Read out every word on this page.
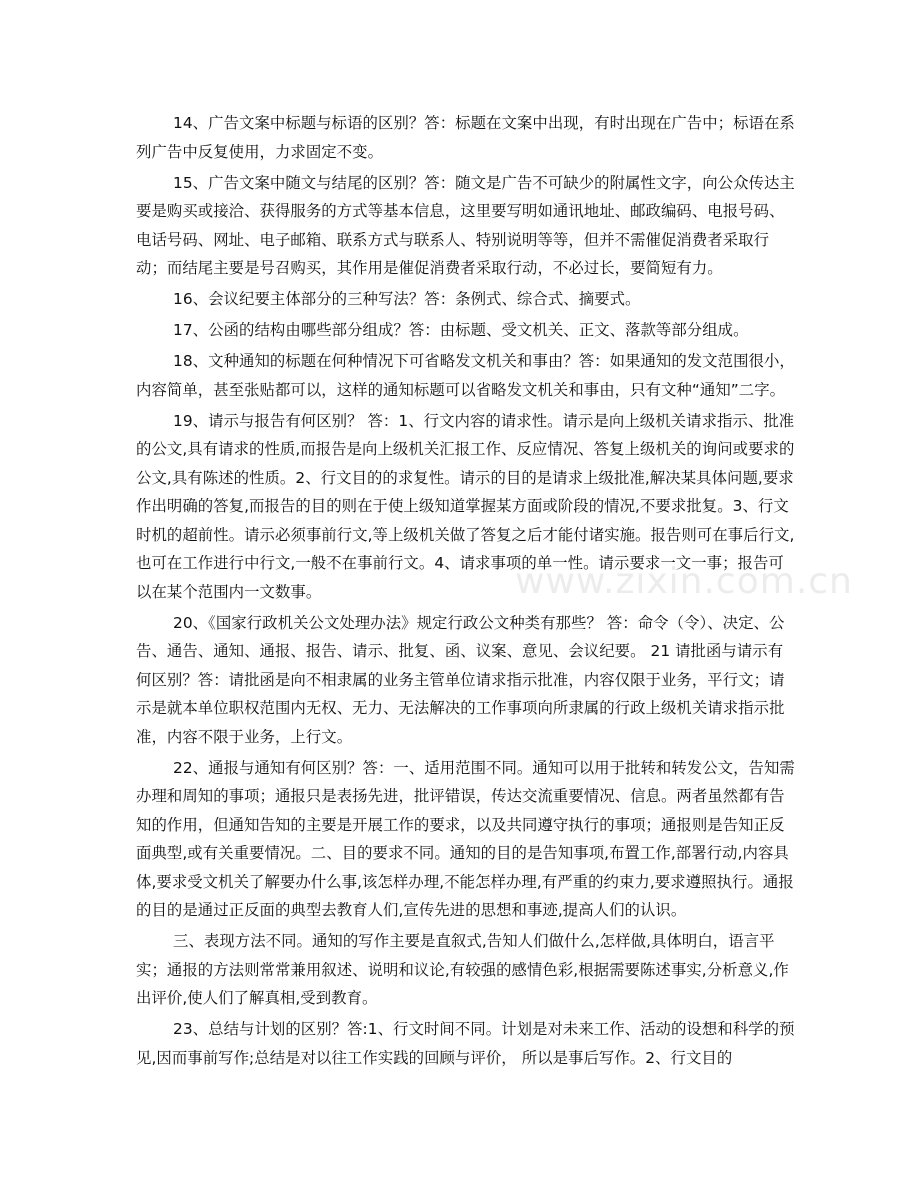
14、广告文案中标题与标语的区别？答：标题在文案中出现，有时出现在广告中；标语在系列广告中反复使用，力求固定不变。

15、广告文案中随文与结尾的区别？答：随文是广告不可缺少的附属性文字，向公众传达主要是购买或接洽、获得服务的方式等基本信息，这里要写明如通讯地址、邮政编码、电报号码、电话号码、网址、电子邮箱、联系方式与联系人、特别说明等等，但并不需催促消费者采取行动；而结尾主要是号召购买，其作用是催促消费者采取行动，不必过长，要简短有力。

16、会议纪要主体部分的三种写法？答：条例式、综合式、摘要式。

17、公函的结构由哪些部分组成？答：由标题、受文机关、正文、落款等部分组成。

18、文种通知的标题在何种情况下可省略发文机关和事由？答：如果通知的发文范围很小，内容简单，甚至张贴都可以，这样的通知标题可以省略发文机关和事由，只有文种“通知”二字。

19、请示与报告有何区别？ 答：1、行文内容的请求性。请示是向上级机关请求指示、批准的公文,具有请求的性质,而报告是向上级机关汇报工作、反应情况、答复上级机关的询问或要求的公文,具有陈述的性质。2、行文目的的求复性。请示的目的是请求上级批准,解决某具体问题,要求作出明确的答复,而报告的目的则在于使上级知道掌握某方面或阶段的情况,不要求批复。3、行文时机的超前性。请示必须事前行文,等上级机关做了答复之后才能付诸实施。报告则可在事后行文,也可在工作进行中行文,一般不在事前行文。4、请求事项的单一性。请示要求一文一事；报告可以在某个范围内一文数事。

20、《国家行政机关公文处理办法》规定行政公文种类有那些？ 答：命令（令）、决定、公告、通告、通知、通报、报告、请示、批复、函、议案、意见、会议纪要。 21 请批函与请示有何区别？答：请批函是向不相隶属的业务主管单位请求指示批准，内容仅限于业务，平行文；请示是就本单位职权范围内无权、无力、无法解决的工作事项向所隶属的行政上级机关请求指示批准，内容不限于业务，上行文。

22、通报与通知有何区别？答：一、适用范围不同。通知可以用于批转和转发公文，告知需办理和周知的事项；通报只是表扬先进，批评错误，传达交流重要情况、信息。两者虽然都有告知的作用，但通知告知的主要是开展工作的要求，以及共同遵守执行的事项；通报则是告知正反面典型,或有关重要情况。二、目的要求不同。通知的目的是告知事项,布置工作,部署行动,内容具体,要求受文机关了解要办什么事,该怎样办理,不能怎样办理,有严重的约束力,要求遵照执行。通报的目的是通过正反面的典型去教育人们,宣传先进的思想和事迹,提高人们的认识。

三、表现方法不同。通知的写作主要是直叙式,告知人们做什么,怎样做,具体明白，语言平实；通报的方法则常常兼用叙述、说明和议论,有较强的感情色彩,根据需要陈述事实,分析意义,作出评价,使人们了解真相,受到教育。

23、总结与计划的区别？答:1、行文时间不同。计划是对未来工作、活动的设想和科学的预见,因而事前写作;总结是对以往工作实践的回顾与评价， 所以是事后写作。2、行文目的

www.zixin.com.cn
